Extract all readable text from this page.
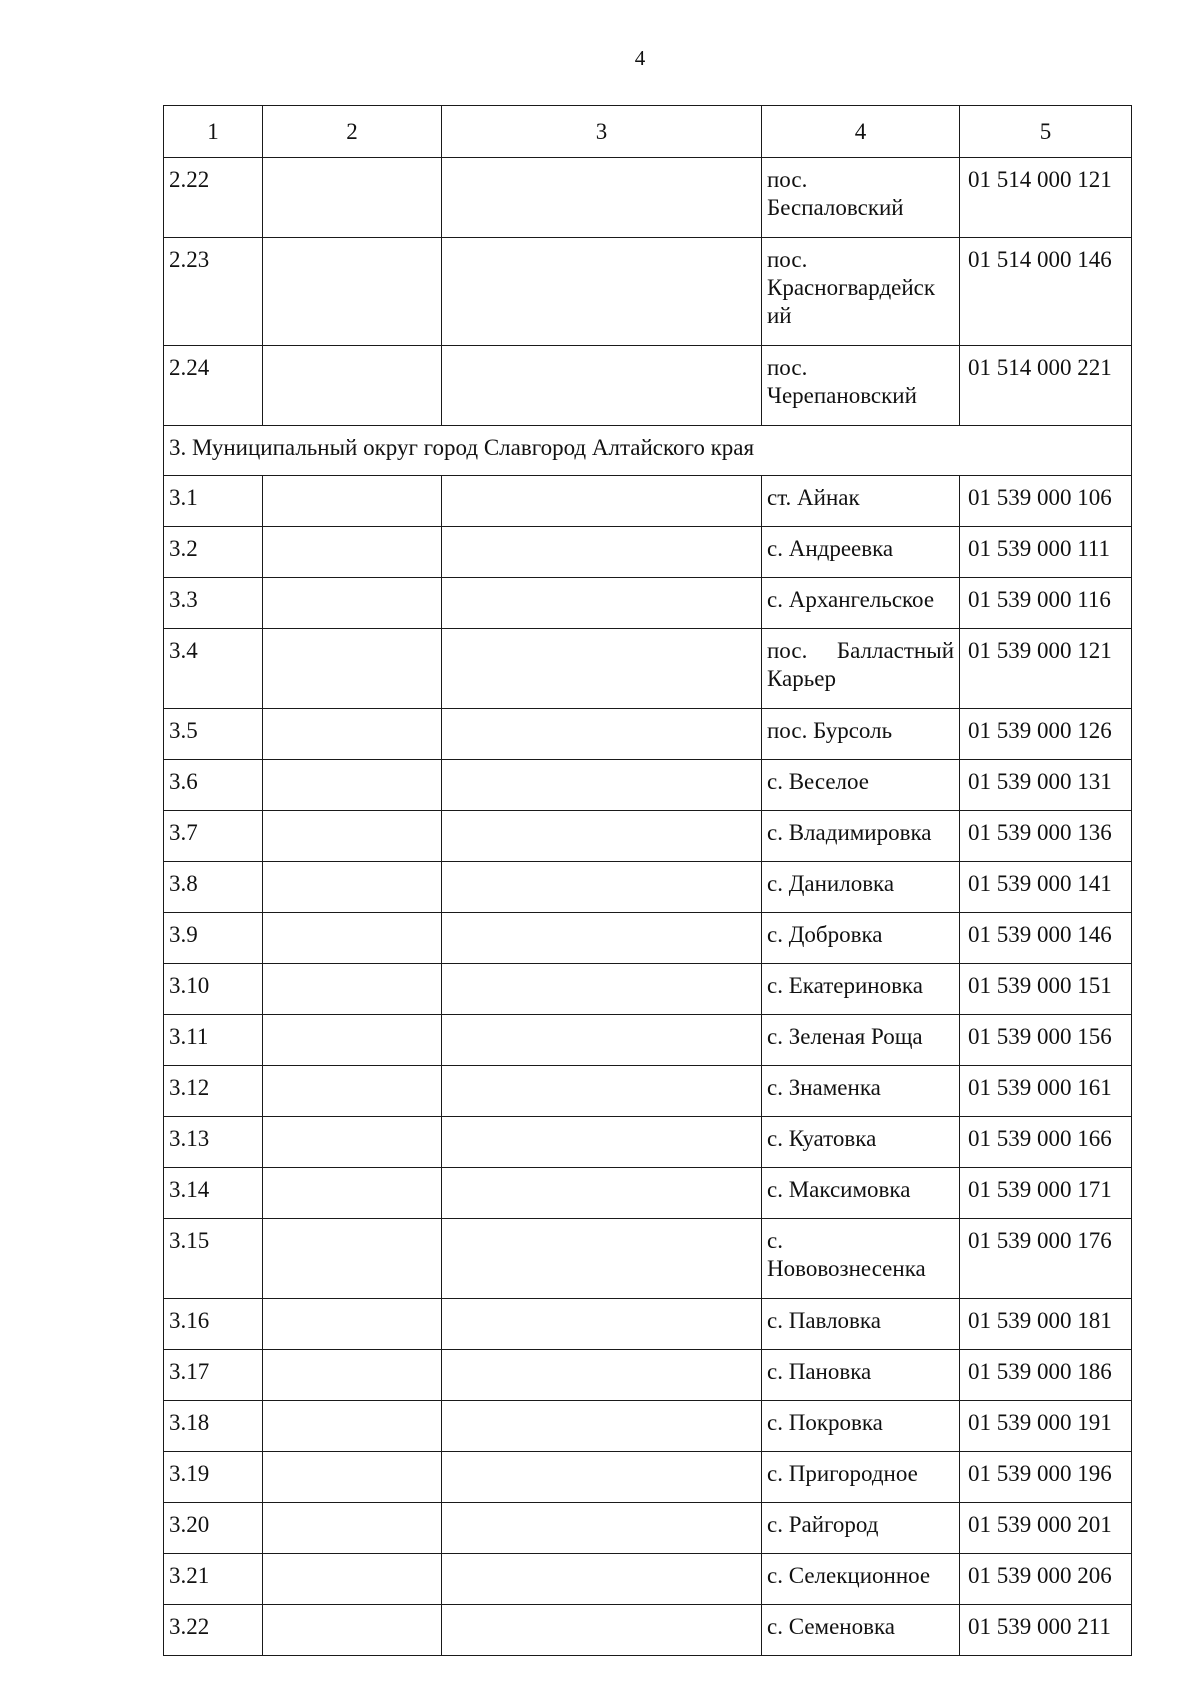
4
1	2	3	4	5
2.22			пос.
Беспаловский	01 514 000 121
2.23			пос.
Красногвардейск
ий	01 514 000 146
2.24			пос.
Черепановский	01 514 000 221
3. Муниципальный округ город Славгород Алтайского края				
3.1			ст. Айнак	01 539 000 106
3.2			с. Андреевка	01 539 000 111
3.3			с. Архангельское	01 539 000 116
3.4			пос. Балластный
Карьер	01 539 000 121
3.5			пос. Бурсоль	01 539 000 126
3.6			с. Веселое	01 539 000 131
3.7			с. Владимировка	01 539 000 136
3.8			с. Даниловка	01 539 000 141
3.9			с. Добровка	01 539 000 146
3.10			с. Екатериновка	01 539 000 151
3.11			с. Зеленая Роща	01 539 000 156
3.12			с. Знаменка	01 539 000 161
3.13			с. Куатовка	01 539 000 166
3.14			с. Максимовка	01 539 000 171
3.15			с.
Нововознесенка	01 539 000 176
3.16			с. Павловка	01 539 000 181
3.17			с. Пановка	01 539 000 186
3.18			с. Покровка	01 539 000 191
3.19			с. Пригородное	01 539 000 196
3.20			с. Райгород	01 539 000 201
3.21			с. Селекционное	01 539 000 206
3.22			с. Семеновка	01 539 000 211
